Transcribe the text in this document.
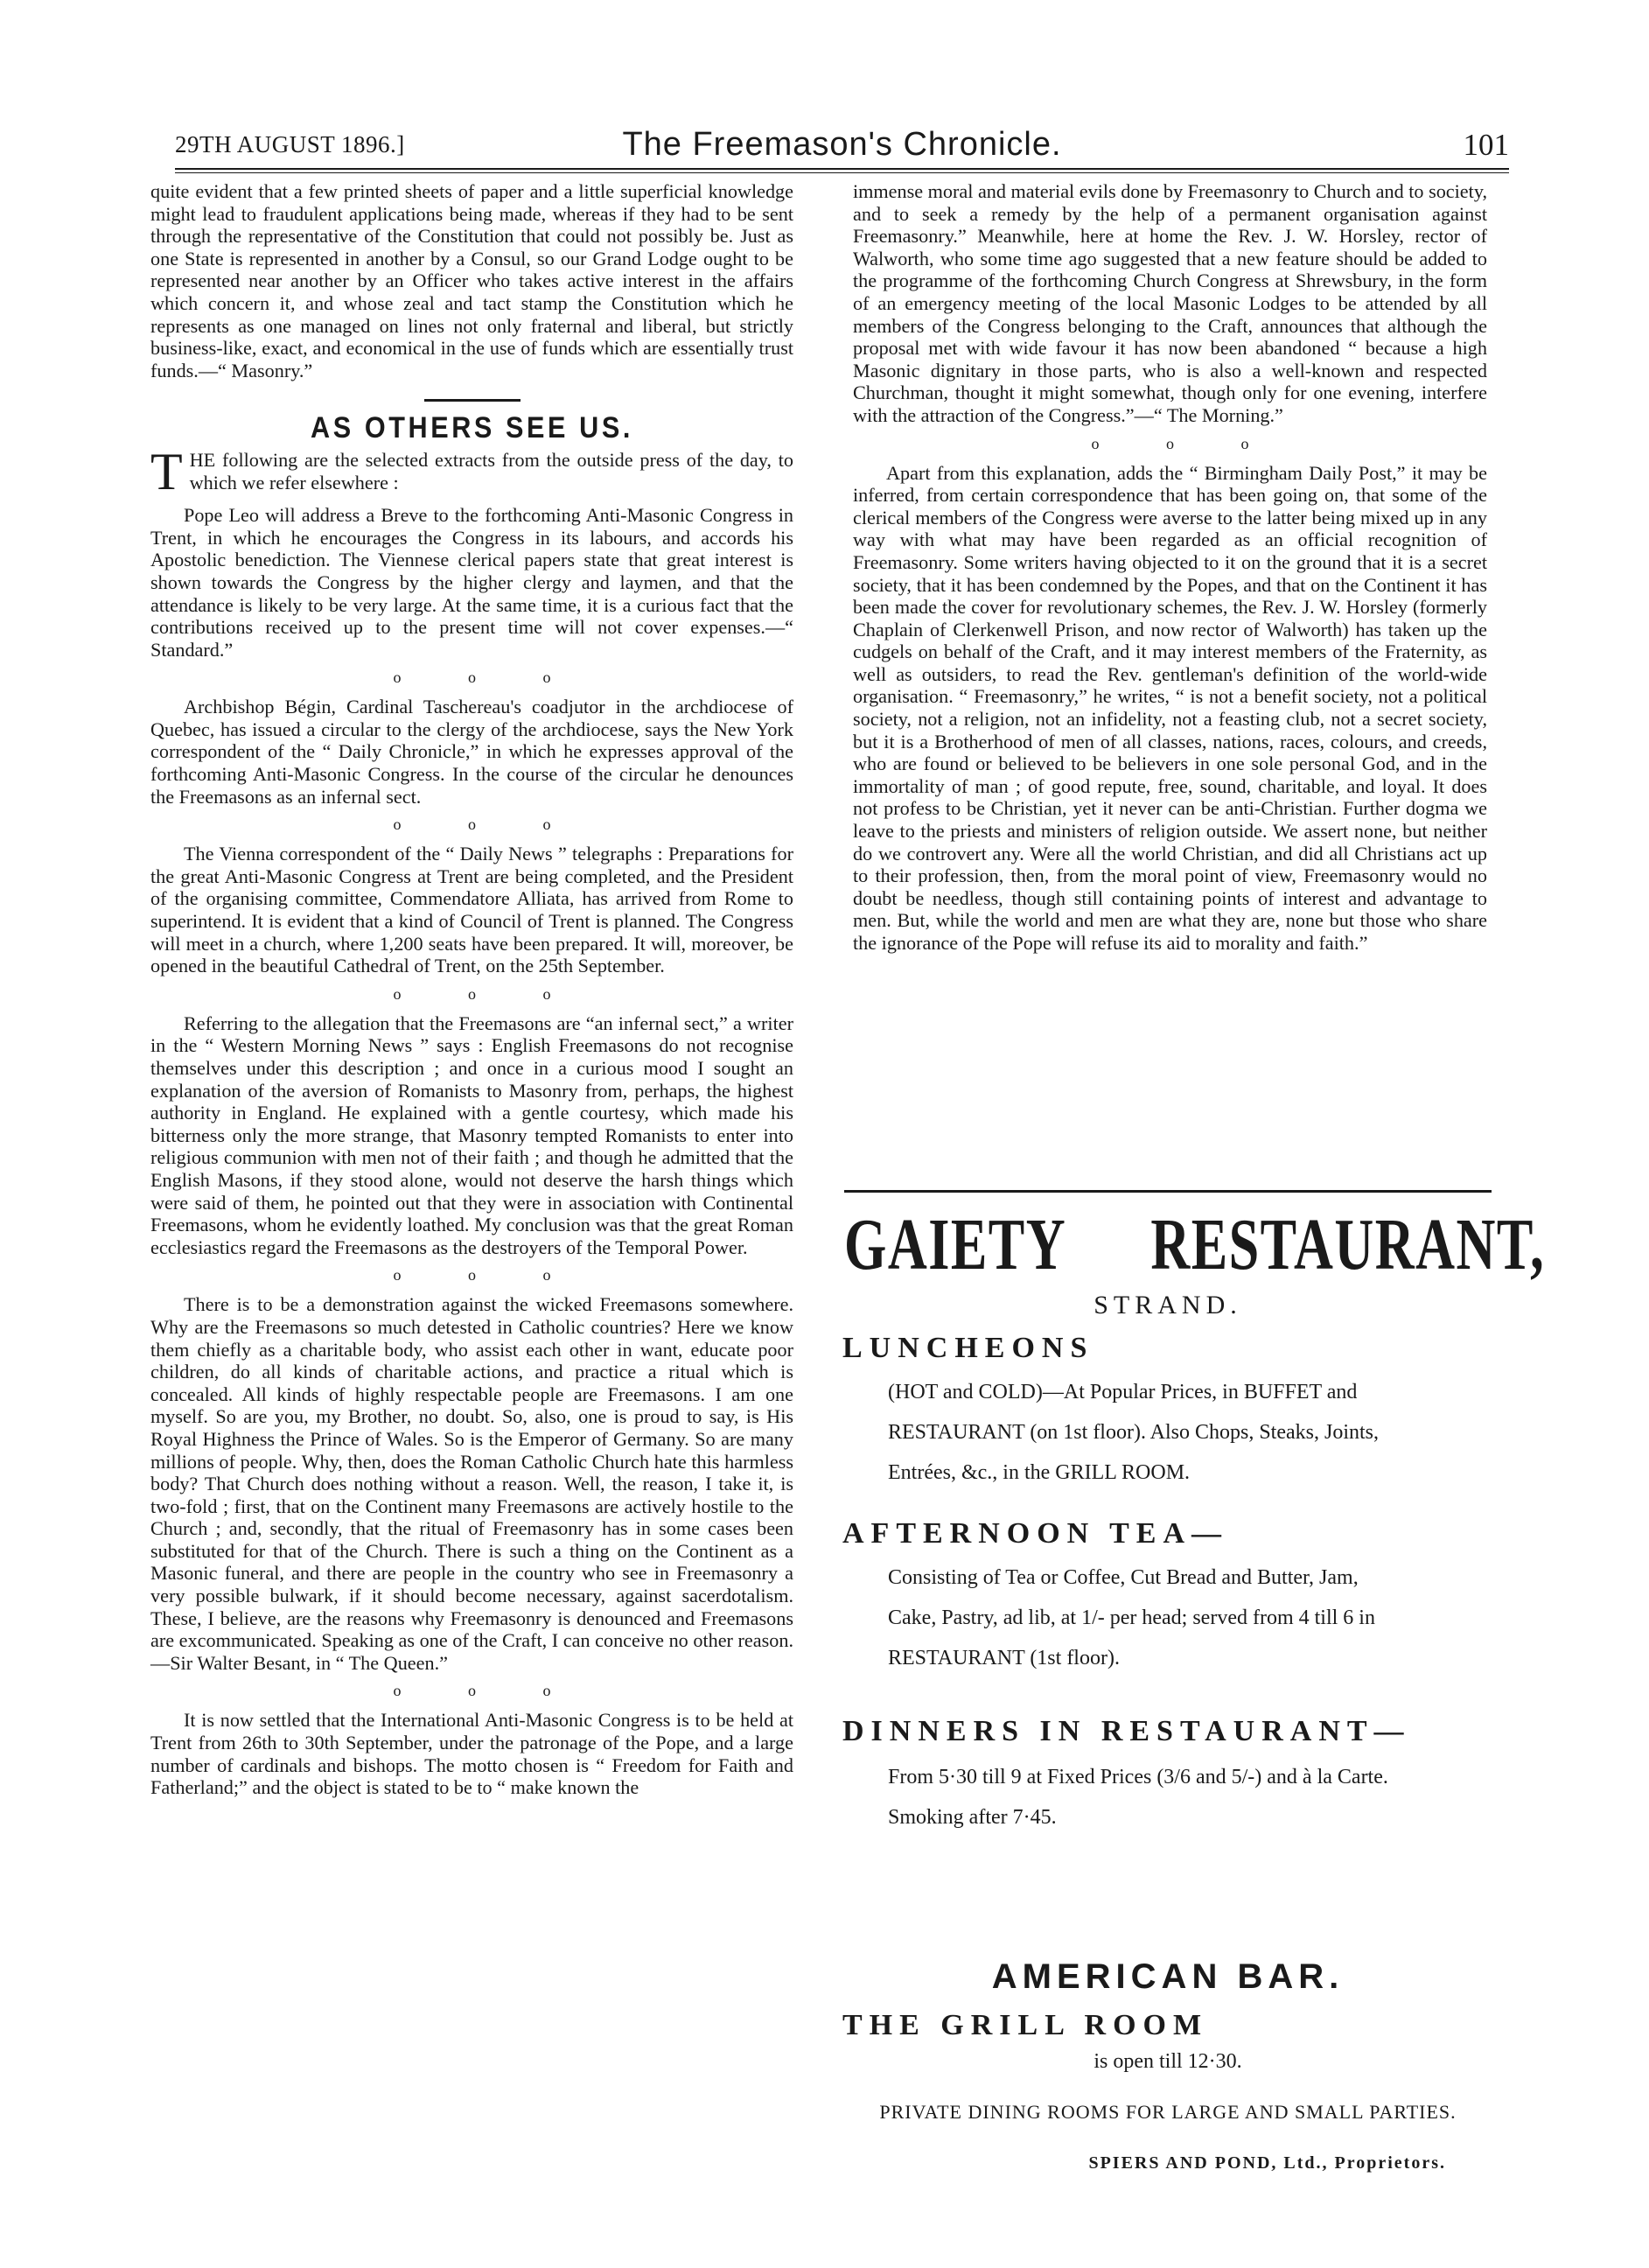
29TH AUGUST 1896.]	The Freemason's Chronicle.	101

quite evident that a few printed sheets of paper and a little superficial knowledge might lead to fraudulent applications being made, whereas if they had to be sent through the representative of the Constitution that could not possibly be. Just as one State is represented in another by a Consul, so our Grand Lodge ought to be represented near another by an Officer who takes active interest in the affairs which concern it, and whose zeal and tact stamp the Constitution which he represents as one managed on lines not only fraternal and liberal, but strictly business-like, exact, and economical in the use of funds which are essentially trust funds.—“ Masonry.”

AS OTHERS SEE US.

THE following are the selected extracts from the outside press of the day, to which we refer elsewhere :

Pope Leo will address a Breve to the forthcoming Anti-Masonic Congress in Trent, in which he encourages the Congress in its labours, and accords his Apostolic benediction. The Viennese clerical papers state that great interest is shown towards the Congress by the higher clergy and laymen, and that the attendance is likely to be very large. At the same time, it is a curious fact that the contributions received up to the present time will not cover expenses.—“ Standard.”

o o o

Archbishop Bégin, Cardinal Taschereau's coadjutor in the archdiocese of Quebec, has issued a circular to the clergy of the archdiocese, says the New York correspondent of the “ Daily Chronicle,” in which he expresses approval of the forthcoming Anti-Masonic Congress. In the course of the circular he denounces the Freemasons as an infernal sect.

o o o

The Vienna correspondent of the “ Daily News ” telegraphs : Preparations for the great Anti-Masonic Congress at Trent are being completed, and the President of the organising committee, Commendatore Alliata, has arrived from Rome to superintend. It is evident that a kind of Council of Trent is planned. The Congress will meet in a church, where 1,200 seats have been prepared. It will, moreover, be opened in the beautiful Cathedral of Trent, on the 25th September.

o o o

Referring to the allegation that the Freemasons are “an infernal sect,” a writer in the “ Western Morning News ” says : English Freemasons do not recognise themselves under this description ; and once in a curious mood I sought an explanation of the aversion of Romanists to Masonry from, perhaps, the highest authority in England. He explained with a gentle courtesy, which made his bitterness only the more strange, that Masonry tempted Romanists to enter into religious communion with men not of their faith ; and though he admitted that the English Masons, if they stood alone, would not deserve the harsh things which were said of them, he pointed out that they were in association with Continental Freemasons, whom he evidently loathed. My conclusion was that the great Roman ecclesiastics regard the Freemasons as the destroyers of the Temporal Power.

o o o

There is to be a demonstration against the wicked Freemasons somewhere. Why are the Freemasons so much detested in Catholic countries? Here we know them chiefly as a charitable body, who assist each other in want, educate poor children, do all kinds of charitable actions, and practice a ritual which is concealed. All kinds of highly respectable people are Freemasons. I am one myself. So are you, my Brother, no doubt. So, also, one is proud to say, is His Royal Highness the Prince of Wales. So is the Emperor of Germany. So are many millions of people. Why, then, does the Roman Catholic Church hate this harmless body? That Church does nothing without a reason. Well, the reason, I take it, is two-fold ; first, that on the Continent many Freemasons are actively hostile to the Church ; and, secondly, that the ritual of Freemasonry has in some cases been substituted for that of the Church. There is such a thing on the Continent as a Masonic funeral, and there are people in the country who see in Freemasonry a very possible bulwark, if it should become necessary, against sacerdotalism. These, I believe, are the reasons why Freemasonry is denounced and Freemasons are excommunicated. Speaking as one of the Craft, I can conceive no other reason.—Sir Walter Besant, in “ The Queen.”

o o o

It is now settled that the International Anti-Masonic Congress is to be held at Trent from 26th to 30th September, under the patronage of the Pope, and a large number of cardinals and bishops. The motto chosen is “ Freedom for Faith and Fatherland;” and the object is stated to be to “ make known the

immense moral and material evils done by Freemasonry to Church and to society, and to seek a remedy by the help of a permanent organisation against Freemasonry.” Meanwhile, here at home the Rev. J. W. Horsley, rector of Walworth, who some time ago suggested that a new feature should be added to the programme of the forthcoming Church Congress at Shrewsbury, in the form of an emergency meeting of the local Masonic Lodges to be attended by all members of the Congress belonging to the Craft, announces that although the proposal met with wide favour it has now been abandoned “ because a high Masonic dignitary in those parts, who is also a well-known and respected Churchman, thought it might somewhat, though only for one evening, interfere with the attraction of the Congress.”—“ The Morning.”

o o o

Apart from this explanation, adds the “ Birmingham Daily Post,” it may be inferred, from certain correspondence that has been going on, that some of the clerical members of the Congress were averse to the latter being mixed up in any way with what may have been regarded as an official recognition of Freemasonry. Some writers having objected to it on the ground that it is a secret society, that it has been condemned by the Popes, and that on the Continent it has been made the cover for revolutionary schemes, the Rev. J. W. Horsley (formerly Chaplain of Clerkenwell Prison, and now rector of Walworth) has taken up the cudgels on behalf of the Craft, and it may interest members of the Fraternity, as well as outsiders, to read the Rev. gentleman's definition of the world-wide organisation. “ Freemasonry,” he writes, “ is not a benefit society, not a political society, not a religion, not an infidelity, not a feasting club, not a secret society, but it is a Brotherhood of men of all classes, nations, races, colours, and creeds, who are found or believed to be believers in one sole personal God, and in the immortality of man ; of good repute, free, sound, charitable, and loyal. It does not profess to be Christian, yet it never can be anti-Christian. Further dogma we leave to the priests and ministers of religion outside. We assert none, but neither do we controvert any. Were all the world Christian, and did all Christians act up to their profession, then, from the moral point of view, Freemasonry would no doubt be needless, though still containing points of interest and advantage to men. But, while the world and men are what they are, none but those who share the ignorance of the Pope will refuse its aid to morality and faith.”

GAIETY RESTAURANT,
STRAND.
LUNCHEONS
(HOT and COLD)—At Popular Prices, in BUFFET and
RESTAURANT (on 1st floor). Also Chops, Steaks, Joints,
Entrées, &c., in the GRILL ROOM.
AFTERNOON TEA—
Consisting of Tea or Coffee, Cut Bread and Butter, Jam,
Cake, Pastry, ad lib, at 1/- per head; served from 4 till 6 in
RESTAURANT (1st floor).
DINNERS IN RESTAURANT—
From 5·30 till 9 at Fixed Prices (3/6 and 5/-) and à la Carte.
Smoking after 7·45.
AMERICAN BAR.
THE GRILL ROOM
is open till 12·30.
PRIVATE DINING ROOMS FOR LARGE AND SMALL PARTIES.
SPIERS AND POND, Ltd., Proprietors.
